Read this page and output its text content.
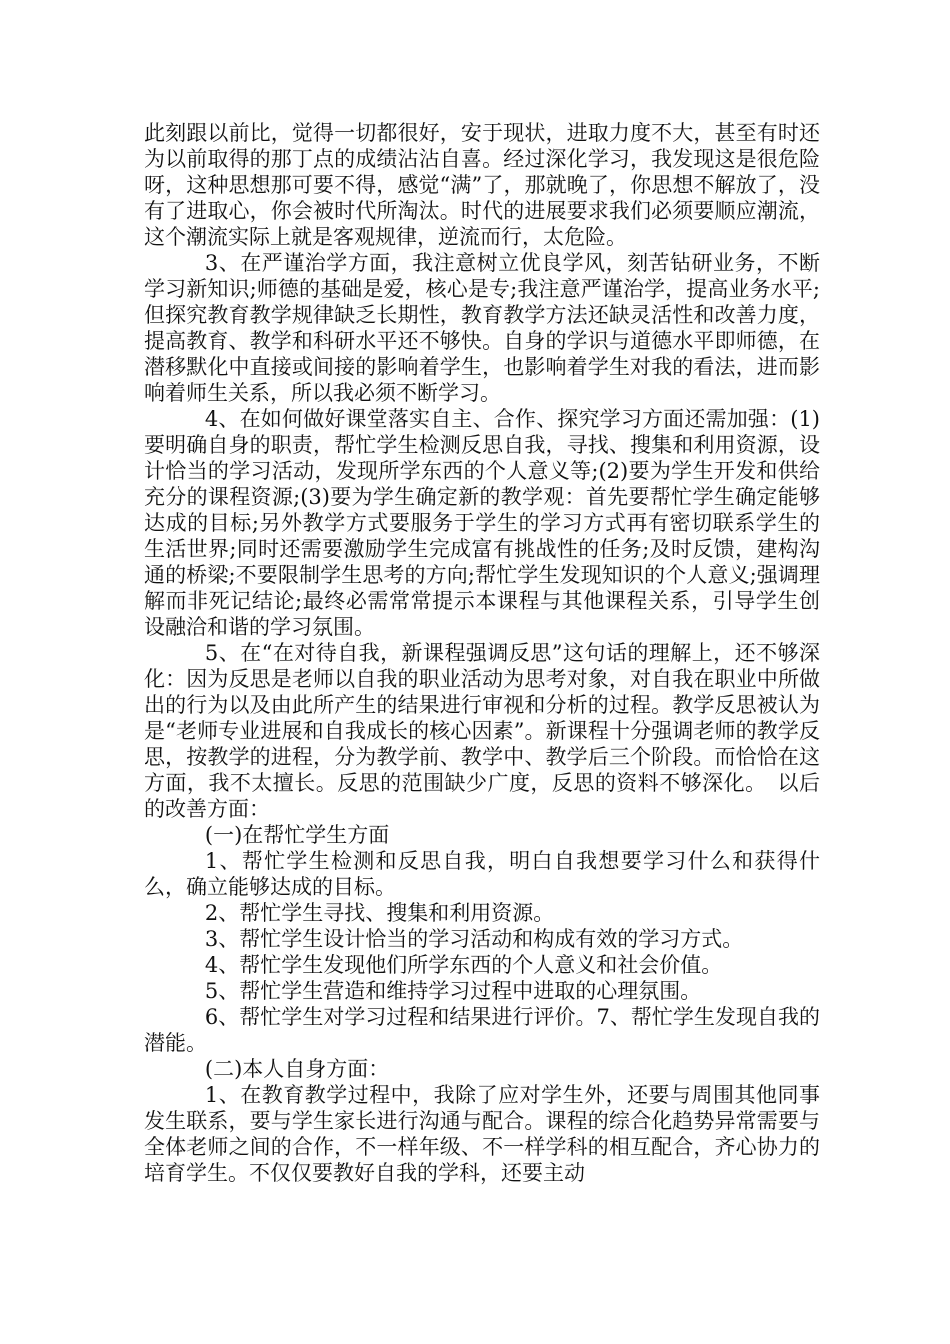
此刻跟以前比，觉得一切都很好，安于现状，进取力度不大，甚至有时还为以前取得的那丁点的成绩沾沾自喜。经过深化学习，我发现这是很危险呀，这种思想那可要不得，感觉“满”了，那就晚了，你思想不解放了，没有了进取心，你会被时代所淘汰。时代的进展要求我们必须要顺应潮流，这个潮流实际上就是客观规律，逆流而行，太危险。

3、在严谨治学方面，我注意树立优良学风，刻苦钻研业务，不断学习新知识;师德的基础是爱，核心是专;我注意严谨治学，提高业务水平;但探究教育教学规律缺乏长期性，教育教学方法还缺灵活性和改善力度，提高教育、教学和科研水平还不够快。自身的学识与道德水平即师德，在潜移默化中直接或间接的影响着学生，也影响着学生对我的看法，进而影响着师生关系，所以我必须不断学习。

4、在如何做好课堂落实自主、合作、探究学习方面还需加强：(1)要明确自身的职责，帮忙学生检测反思自我，寻找、搜集和利用资源，设计恰当的学习活动，发现所学东西的个人意义等;(2)要为学生开发和供给充分的课程资源;(3)要为学生确定新的教学观：首先要帮忙学生确定能够达成的目标;另外教学方式要服务于学生的学习方式再有密切联系学生的生活世界;同时还需要激励学生完成富有挑战性的任务;及时反馈，建构沟通的桥梁;不要限制学生思考的方向;帮忙学生发现知识的个人意义;强调理解而非死记结论;最终必需常常提示本课程与其他课程关系，引导学生创设融洽和谐的学习氛围。

5、在“在对待自我，新课程强调反思”这句话的理解上，还不够深化：因为反思是老师以自我的职业活动为思考对象，对自我在职业中所做出的行为以及由此所产生的结果进行审视和分析的过程。教学反思被认为是“老师专业进展和自我成长的核心因素”。新课程十分强调老师的教学反思，按教学的进程，分为教学前、教学中、教学后三个阶段。而恰恰在这方面，我不太擅长。反思的范围缺少广度，反思的资料不够深化。　以后的改善方面：

(一)在帮忙学生方面

1、帮忙学生检测和反思自我，明白自我想要学习什么和获得什么，确立能够达成的目标。

2、帮忙学生寻找、搜集和利用资源。

3、帮忙学生设计恰当的学习活动和构成有效的学习方式。

4、帮忙学生发现他们所学东西的个人意义和社会价值。

5、帮忙学生营造和维持学习过程中进取的心理氛围。

6、帮忙学生对学习过程和结果进行评价。7、帮忙学生发现自我的潜能。

(二)本人自身方面：

1、在教育教学过程中，我除了应对学生外，还要与周围其他同事发生联系，要与学生家长进行沟通与配合。课程的综合化趋势异常需要与全体老师之间的合作，不一样年级、不一样学科的相互配合，齐心协力的培育学生。不仅仅要教好自我的学科，还要主动
